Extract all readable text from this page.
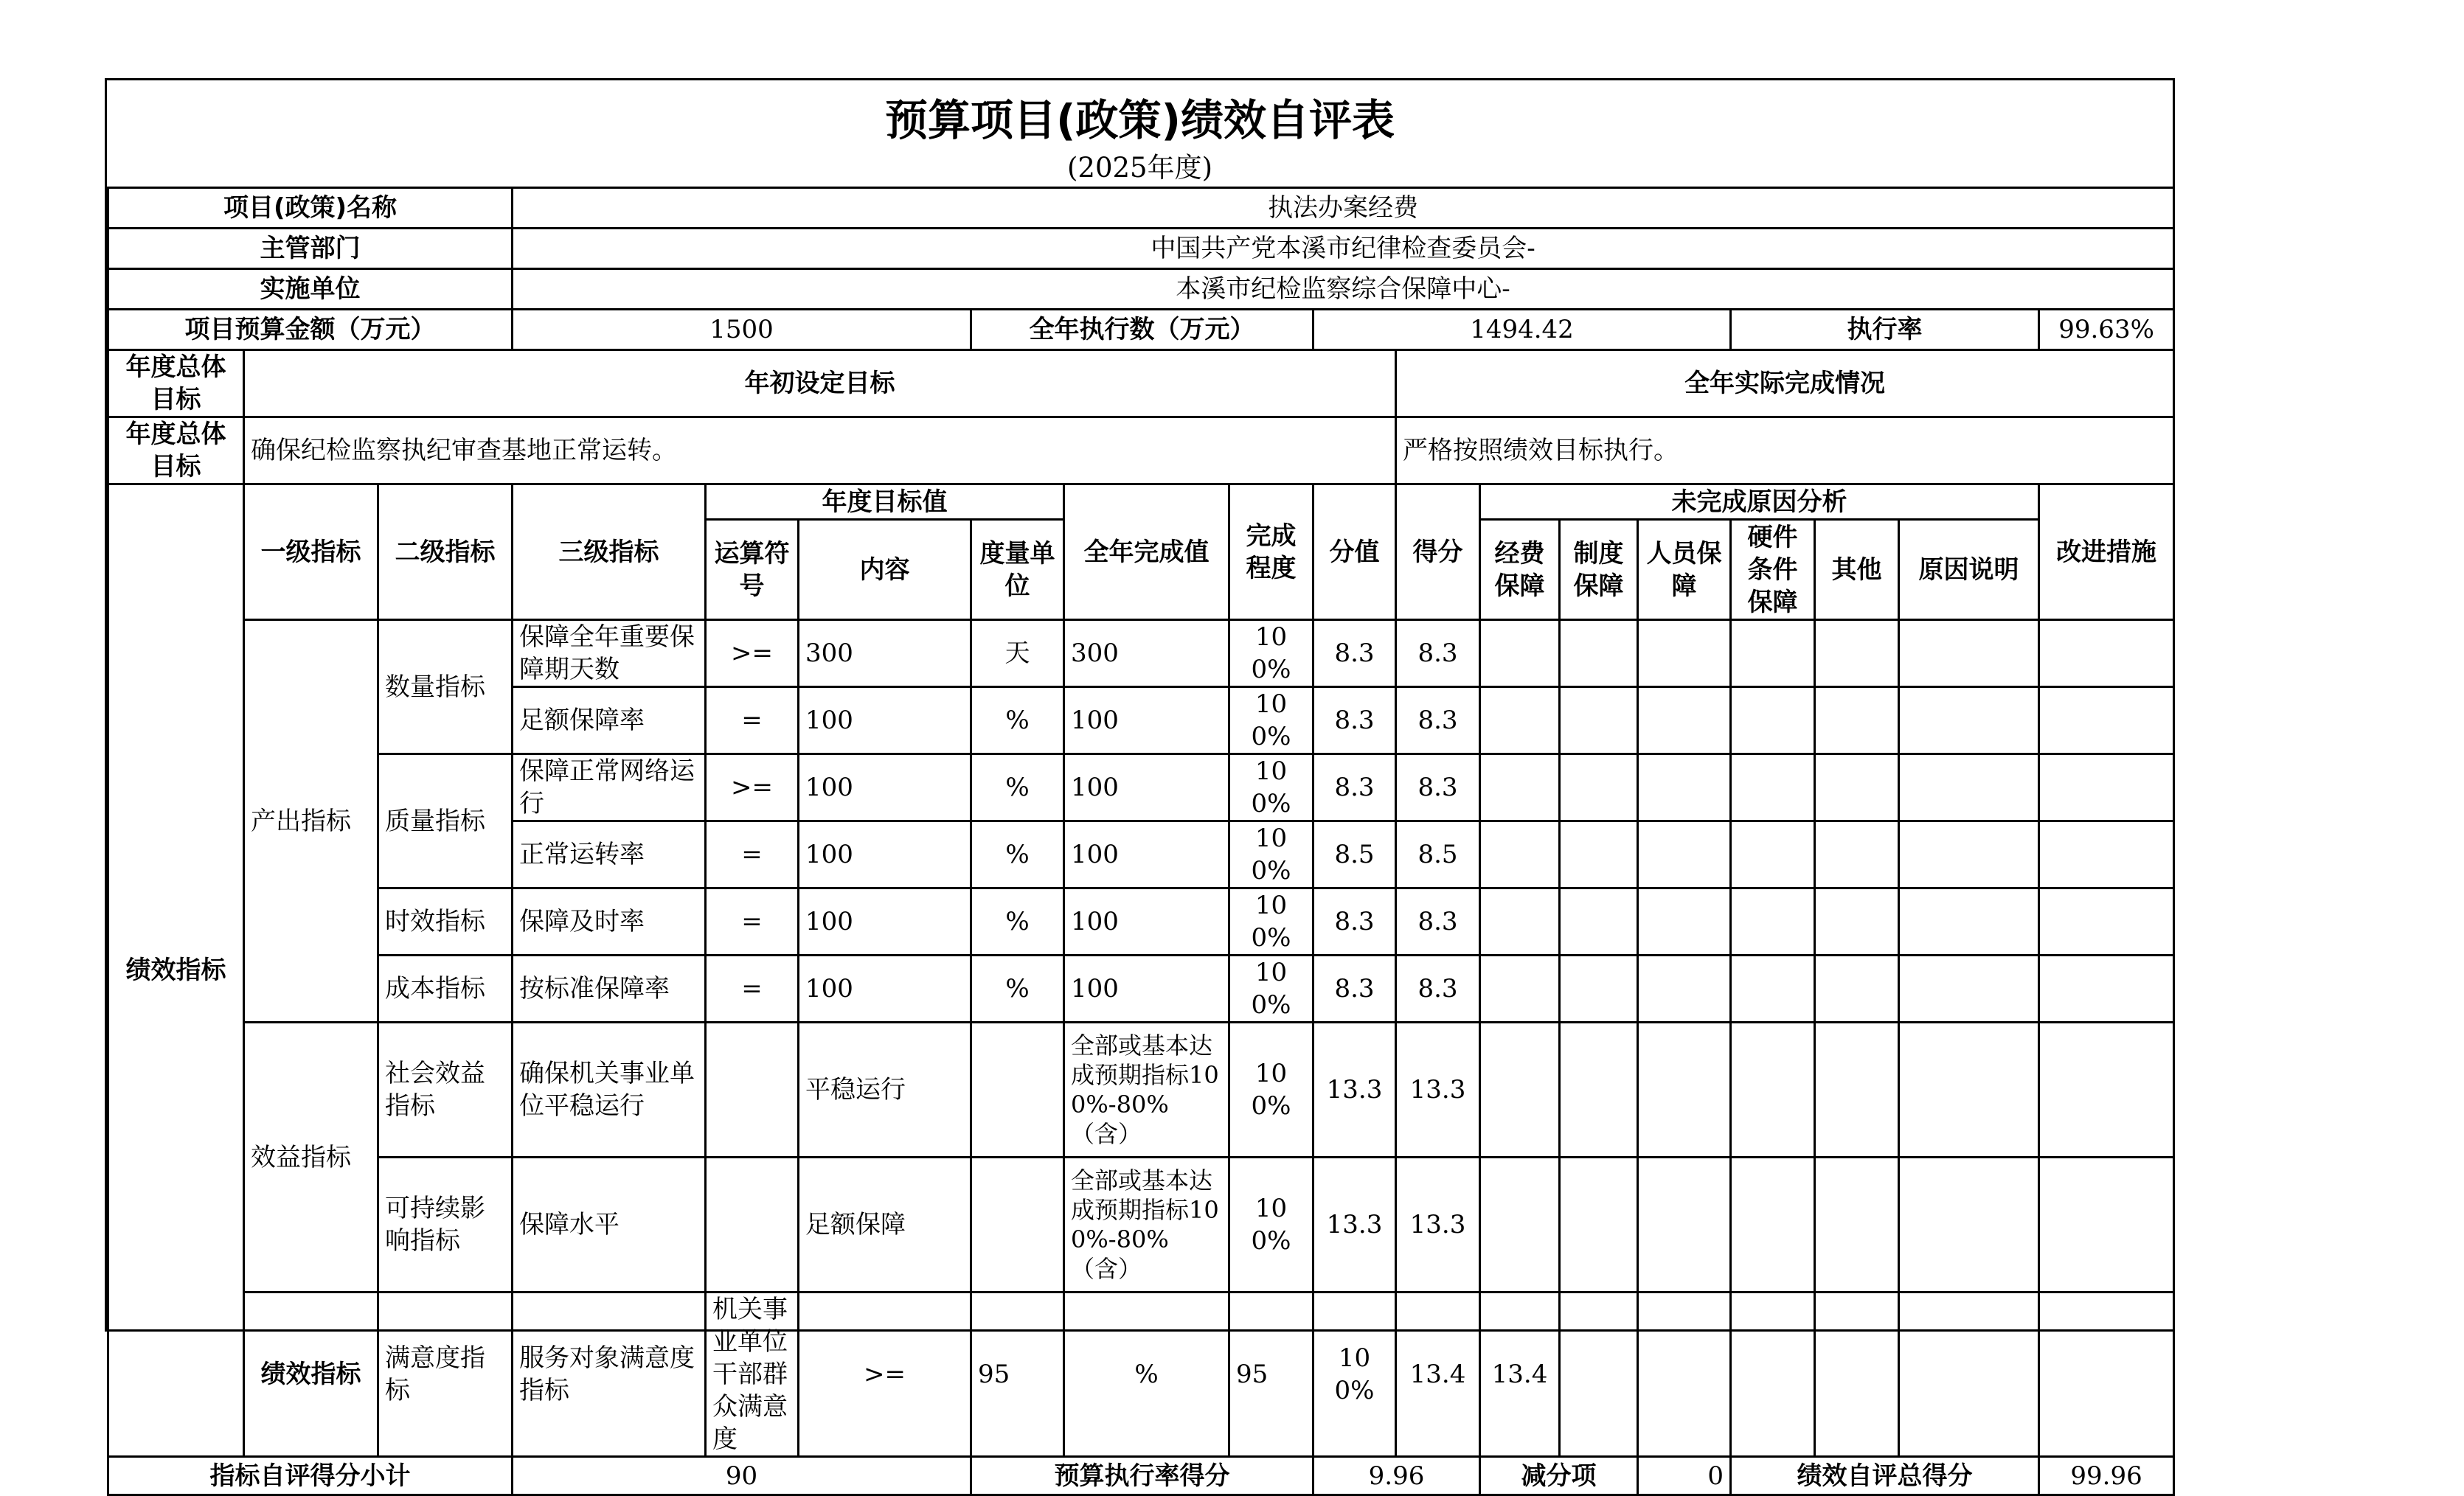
预算项目(政策)绩效自评表
(2025年度)
项目(政策)名称			执法办案经费															
主管部门			中国共产党本溪市纪律检查委员会-															
实施单位			本溪市纪检监察综合保障中心-															
项目预算金额（万元）			1500			全年执行数（万元）			1494.42					执行率			99.63%	
年度总体目标	年初设定目标									全年实际完成情况								
年度总体目标	确保纪检监察执纪审查基地正常运转。									严格按照绩效目标执行。								
绩效指标	一级指标	二级指标	三级指标	年度目标值			全年完成值	完成程度	分值	得分	未完成原因分析						改进措施	
				运算符号	内容	度量单位					经费保障	制度保障	人员保障	硬件条件保障	其他	原因说明		
	产出指标	数量指标	保障全年重要保障期天数	>=	300	天	300	100%	8.3	8.3								
			足额保障率	=	100	%	100	100%	8.3	8.3								
		质量指标	保障正常网络运行	>=	100	%	100	100%	8.3	8.3								
			正常运转率	=	100	%	100	100%	8.5	8.5								
		时效指标	保障及时率	=	100	%	100	100%	8.3	8.3								
		成本指标	按标准保障率	=	100	%	100	100%	8.3	8.3								
	效益指标	社会效益指标	确保机关事业单位平稳运行		平稳运行		全部或基本达成预期指标100%-80%（含）	100%	13.3	13.3								
		可持续影响指标	保障水平		足额保障		全部或基本达成预期指标100%-80%（含）	100%	13.3	13.3								
	绩效指标	满意度指标	服务对象满意度指标	机关事业单位干部群众满意度	>=	95	%	95	100%	13.4	13.4							
指标自评得分小计			90			预算执行率得分			9.96		减分项		0	绩效自评总得分			99.96	
